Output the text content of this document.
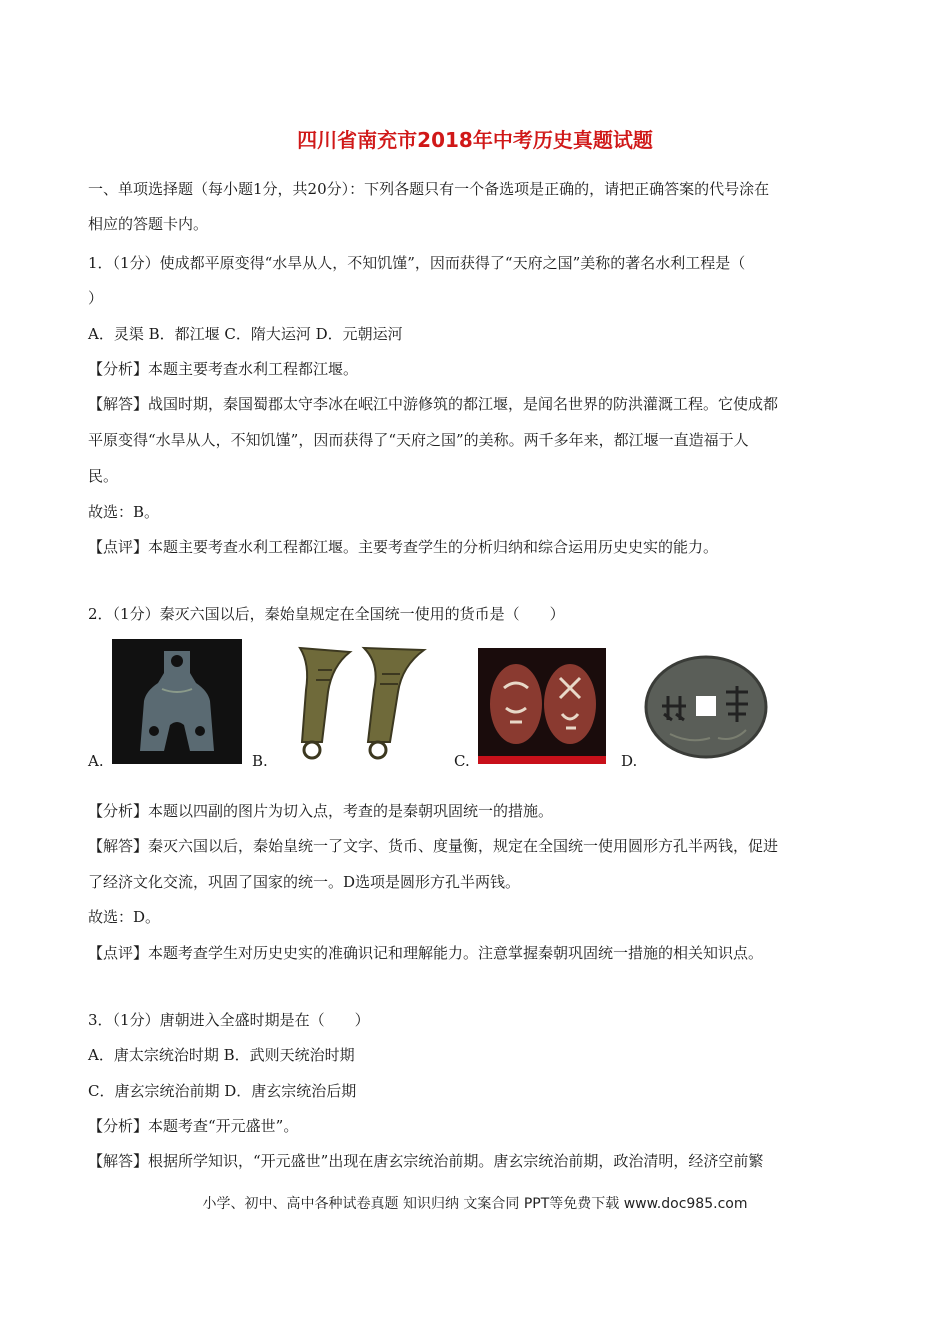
四川省南充市2018年中考历史真题试题
一、单项选择题（每小题1分，共20分）：下列各题只有一个备选项是正确的，请把正确答案的代号涂在
相应的答题卡内。
1．（1分）使成都平原变得“水旱从人，不知饥馑”，因而获得了“天府之国”美称的著名水利工程是（
）
A．灵渠 B．都江堰 C．隋大运河 D．元朝运河
【分析】本题主要考查水利工程都江堰。
【解答】战国时期，秦国蜀郡太守李冰在岷江中游修筑的都江堰，是闻名世界的防洪灌溉工程。它使成都
平原变得“水旱从人，不知饥馑”，因而获得了“天府之国”的美称。两千多年来，都江堰一直造福于人
民。
故选：B。
【点评】本题主要考查水利工程都江堰。主要考查学生的分析归纳和综合运用历史史实的能力。
2．（1分）秦灭六国以后，秦始皇规定在全国统一使用的货币是（　　）
A.	B.	C.	D.
【分析】本题以四副的图片为切入点，考查的是秦朝巩固统一的措施。
【解答】秦灭六国以后，秦始皇统一了文字、货币、度量衡，规定在全国统一使用圆形方孔半两钱，促进
了经济文化交流，巩固了国家的统一。D选项是圆形方孔半两钱。
故选：D。
【点评】本题考查学生对历史史实的准确识记和理解能力。注意掌握秦朝巩固统一措施的相关知识点。
3．（1分）唐朝进入全盛时期是在（　　）
A．唐太宗统治时期 B．武则天统治时期
C．唐玄宗统治前期 D．唐玄宗统治后期
【分析】本题考查“开元盛世”。
【解答】根据所学知识，“开元盛世”出现在唐玄宗统治前期。唐玄宗统治前期，政治清明，经济空前繁
小学、初中、高中各种试卷真题 知识归纳 文案合同 PPT等免费下载 www.doc985.com
